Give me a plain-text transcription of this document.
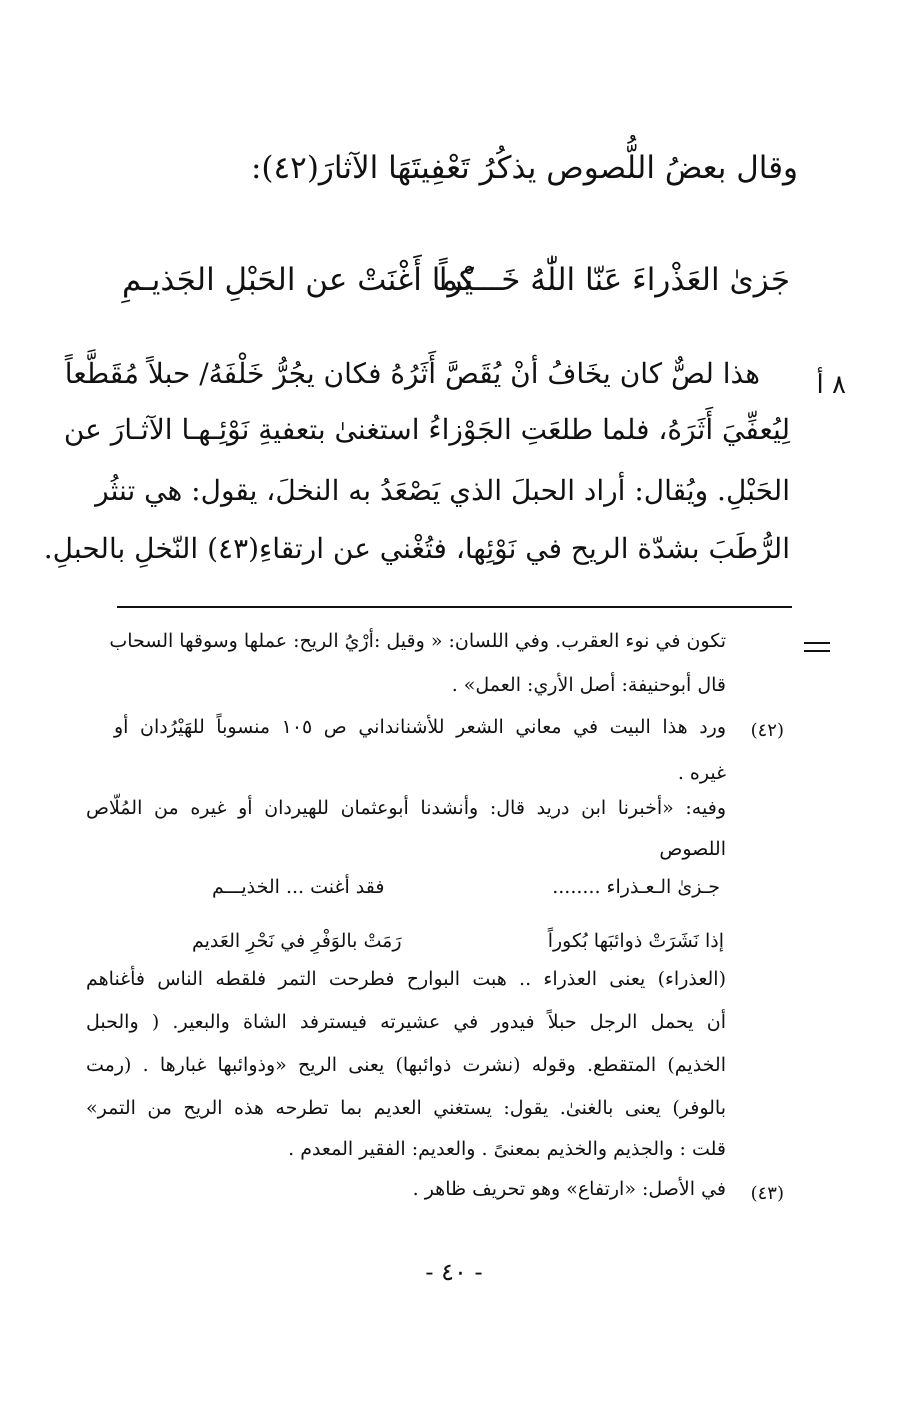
وقال بعضُ اللُّصوص يذكُرُ تَعْفِيتَهَا الآثارَ(٤٢):
جَزىٰ العَذْراءَ عَنّا اللّٰهُ خَـــيْراً
كما أَغْنَتْ عن الحَبْلِ الجَذيـمِ
٨ أ
هذا لصٌّ كان يخَافُ أنْ يُقَصَّ أَثَرُهُ فكان يجُرُّ خَلْفَهُ/ حبلاً مُقَطَّعاً
لِيُعفِّيَ أَثَرَهُ، فلما طلعَتِ الجَوْزاءُ استغنىٰ بتعفيةِ نَوْئِـهـا الآثـارَ عن
الحَبْلِ. ويُقال: أراد الحبلَ الذي يَصْعَدُ به النخلَ، يقول: هي تنثُر
الرُّطَبَ بشدّة الريح في نَوْئِها، فتُغْني عن ارتقاءِ(٤٣) النّخلِ بالحبلِ.
تكون في نوء العقرب. وفي اللسان: « وقيل :أرْيُ الريح: عملها وسوقها السحاب
قال أبوحنيفة: أصل الأري: العمل» .
(٤٢)
ورد هذا البيت في معاني الشعر للأشنانداني ص ١٠٥ منسوباً للهَيْرُدان أو
غيره .
وفيه: «أخبرنا ابن دريد قال: وأنشدنا أبوعثمان للهيردان أو غيره من المُلّاص
اللصوص
جـزىٰ الـعـذراء ........
فقد أغنت ... الخذيـــم
إذا نَشَرَتْ ذوائبَها بُكوراً
رَمَتْ بالوَفْرِ في نَحْرِ العَديم
(العذراء) يعنى العذراء .. هبت البوارح فطرحت التمر فلقطه الناس فأغناهم
أن يحمل الرجل حبلاً فيدور في عشيرته فيسترفد الشاة والبعير. ( والحبل
الخذيم) المتقطع. وقوله (نشرت ذوائبها) يعنى الريح «وذوائبها غبارها . (رمت
بالوفر) يعنى بالغنىٰ. يقول: يستغني العديم بما تطرحه هذه الريح من التمر»
قلت : والجذيم والخذيم بمعنىً . والعديم: الفقير المعدم .
(٤٣)
في الأصل: «ارتفاع» وهو تحريف ظاهر .
- ٤٠ -
